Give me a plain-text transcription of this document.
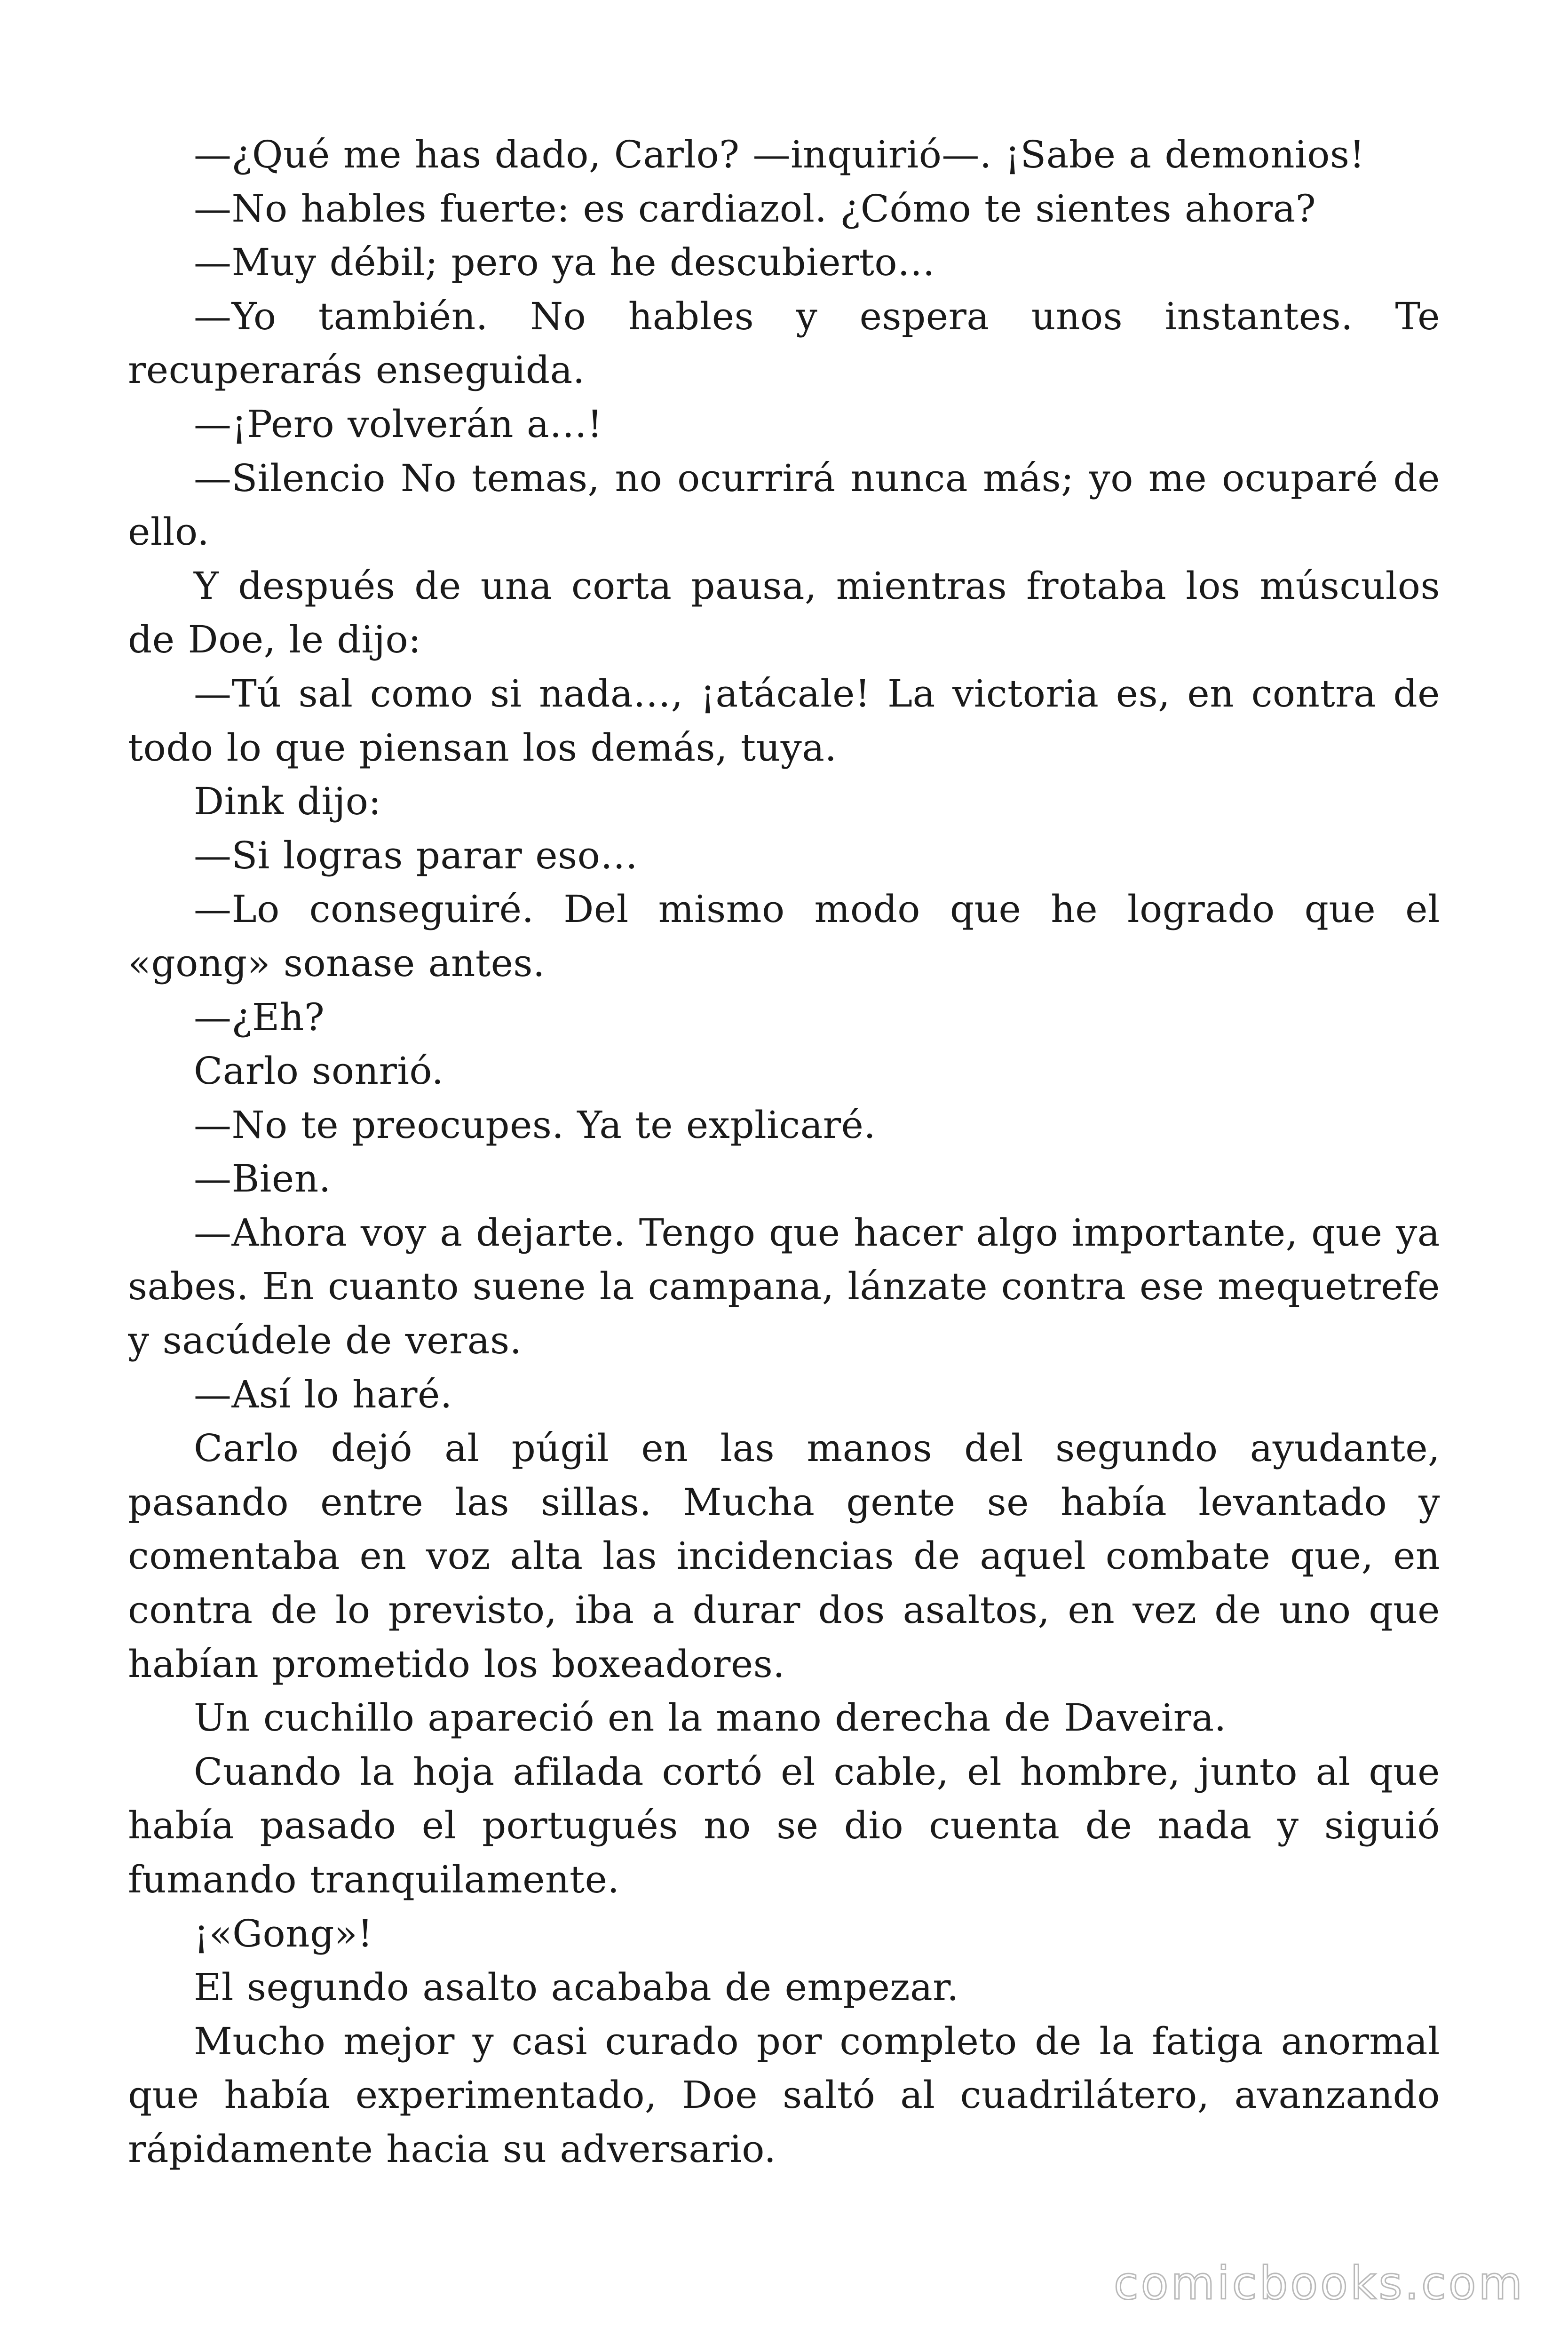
—¿Qué me has dado, Carlo? —inquirió—. ¡Sabe a demonios!

—No hables fuerte: es cardiazol. ¿Cómo te sientes ahora?

—Muy débil; pero ya he descubierto…

—Yo también. No hables y espera unos instantes. Te recuperarás enseguida.

—¡Pero volverán a…!

—Silencio No temas, no ocurrirá nunca más; yo me ocuparé de ello.

Y después de una corta pausa, mientras frotaba los músculos de Doe, le dijo:

—Tú sal como si nada…, ¡atácale! La victoria es, en contra de todo lo que piensan los demás, tuya.

Dink dijo:

—Si logras parar eso…

—Lo conseguiré. Del mismo modo que he logrado que el «gong» sonase antes.

—¿Eh?

Carlo sonrió.

—No te preocupes. Ya te explicaré.

—Bien.

—Ahora voy a dejarte. Tengo que hacer algo importante, que ya sabes. En cuanto suene la campana, lánzate contra ese mequetrefe y sacúdele de veras.

—Así lo haré.

Carlo dejó al púgil en las manos del segundo ayudante, pasando entre las sillas. Mucha gente se había levantado y comentaba en voz alta las incidencias de aquel combate que, en contra de lo previsto, iba a durar dos asaltos, en vez de uno que habían prometido los boxeadores.

Un cuchillo apareció en la mano derecha de Daveira.

Cuando la hoja afilada cortó el cable, el hombre, junto al que había pasado el portugués no se dio cuenta de nada y siguió fumando tranquilamente.

¡«Gong»!

El segundo asalto acababa de empezar.

Mucho mejor y casi curado por completo de la fatiga anormal que había experimentado, Doe saltó al cuadrilátero, avanzando rápidamente hacia su adversario.

comicbooks.com
